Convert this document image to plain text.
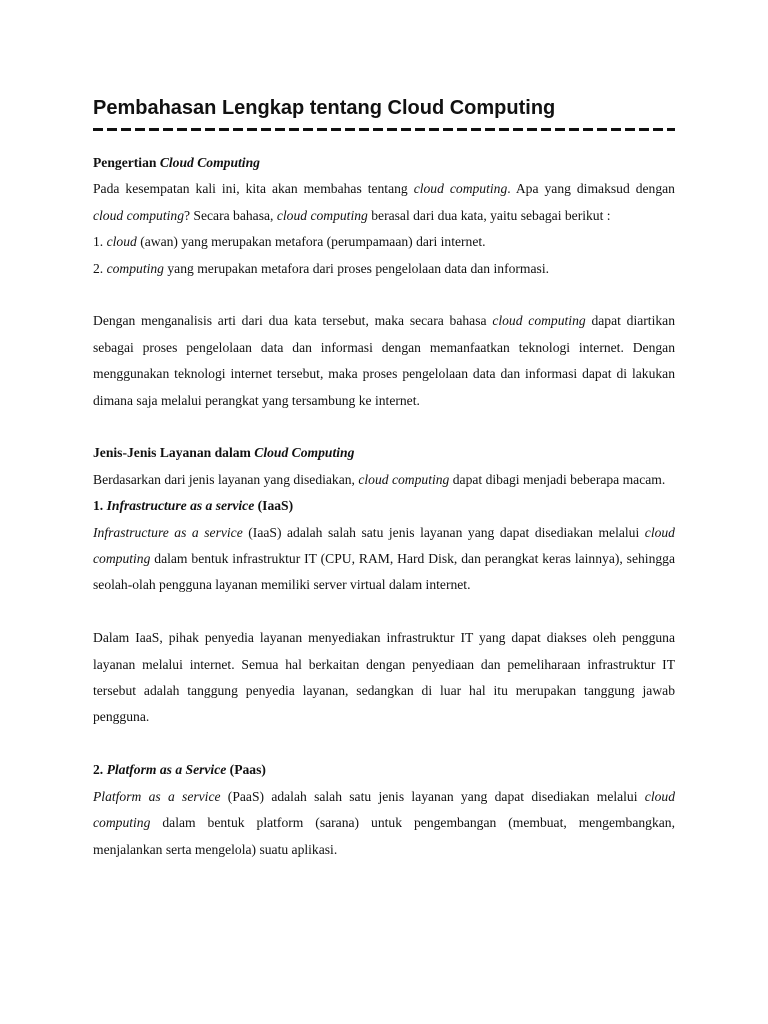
Pembahasan Lengkap tentang Cloud Computing
Pengertian Cloud Computing

Pada kesempatan kali ini, kita akan membahas tentang cloud computing. Apa yang dimaksud dengan cloud computing? Secara bahasa, cloud computing berasal dari dua kata, yaitu sebagai berikut :

1. cloud (awan) yang merupakan metafora (perumpamaan) dari internet.

2. computing yang merupakan metafora dari proses pengelolaan data dan informasi.

Dengan menganalisis arti dari dua kata tersebut, maka secara bahasa cloud computing dapat diartikan sebagai proses pengelolaan data dan informasi dengan memanfaatkan teknologi internet. Dengan menggunakan teknologi internet tersebut, maka proses pengelolaan data dan informasi dapat di lakukan dimana saja melalui perangkat yang tersambung ke internet.

Jenis-Jenis Layanan dalam Cloud Computing

Berdasarkan dari jenis layanan yang disediakan, cloud computing dapat dibagi menjadi beberapa macam.

1. Infrastructure as a service (IaaS)

Infrastructure as a service (IaaS) adalah salah satu jenis layanan yang dapat disediakan melalui cloud computing dalam bentuk infrastruktur IT (CPU, RAM, Hard Disk, dan perangkat keras lainnya), sehingga seolah-olah pengguna layanan memiliki server virtual dalam internet.

Dalam IaaS, pihak penyedia layanan menyediakan infrastruktur IT yang dapat diakses oleh pengguna layanan melalui internet. Semua hal berkaitan dengan penyediaan dan pemeliharaan infrastruktur IT tersebut adalah tanggung penyedia layanan, sedangkan di luar hal itu merupakan tanggung jawab pengguna.

2. Platform as a Service (Paas)

Platform as a service (PaaS) adalah salah satu jenis layanan yang dapat disediakan melalui cloud computing dalam bentuk platform (sarana) untuk pengembangan (membuat, mengembangkan, menjalankan serta mengelola) suatu aplikasi.
